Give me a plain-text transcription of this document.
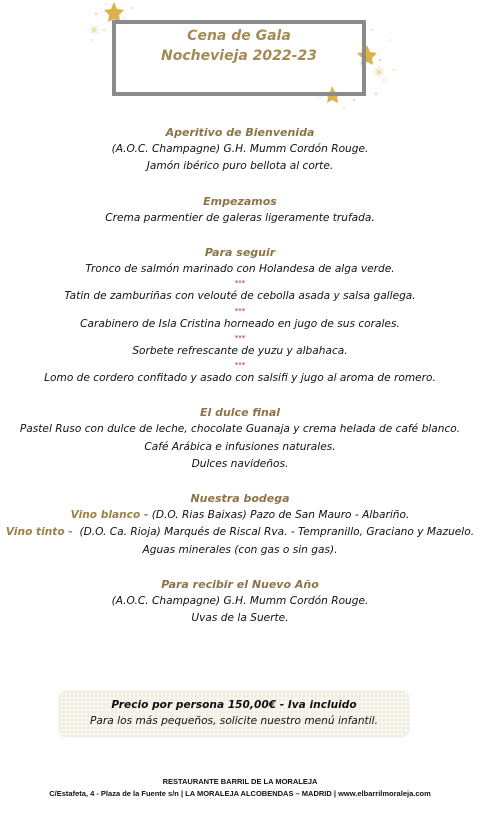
Cena de Gala
Nochevieja 2022-23
Aperitivo de Bienvenida
(A.O.C. Champagne) G.H. Mumm Cordón Rouge.
Jamón ibérico puro bellota al corte.
Empezamos
Crema parmentier de galeras ligeramente trufada.
Para seguir
Tronco de salmón marinado con Holandesa de alga verde.
***
Tatin de zamburiñas con velouté de cebolla asada y salsa gallega.
***
Carabinero de Isla Cristina horneado en jugo de sus corales.
***
Sorbete refrescante de yuzu y albahaca.
***
Lomo de cordero confitado y asado con salsifi y jugo al aroma de romero.
El dulce final
Pastel Ruso con dulce de leche, chocolate Guanaja y crema helada de café blanco.
Café Arábica e infusiones naturales.
Dulces navideños.
Nuestra bodega
Vino blanco - (D.O. Rias Baixas) Pazo de San Mauro - Albariño.
Vino tinto -  (D.O. Ca. Rioja) Marqués de Riscal Rva. - Tempranillo, Graciano y Mazuelo.
Aguas minerales (con gas o sin gas).
Para recibir el Nuevo Año
(A.O.C. Champagne) G.H. Mumm Cordón Rouge.
Uvas de la Suerte.
Precio por persona 150,00€ - Iva incluido
Para los más pequeños, solicite nuestro menú infantil.
RESTAURANTE BARRIL DE LA MORALEJA
C/Estafeta, 4 - Plaza de la Fuente s/n | LA MORALEJA ALCOBENDAS – MADRID | www.elbarrilmoraleja.com
